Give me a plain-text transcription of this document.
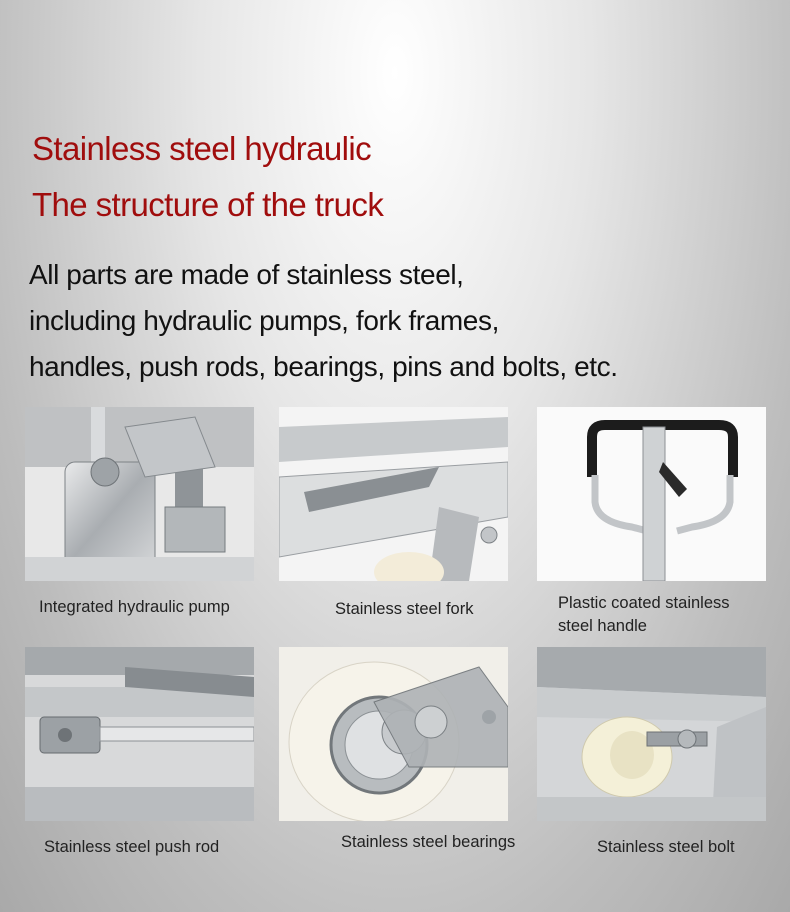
Stainless steel hydraulic
The structure of the truck
All parts are made of stainless steel,
including hydraulic pumps, fork frames,
handles, push rods, bearings, pins and bolts, etc.
Integrated hydraulic pump	Stainless steel fork	Plastic coated stainless
steel handle
Stainless steel push rod	Stainless steel bearings	Stainless steel bolt
